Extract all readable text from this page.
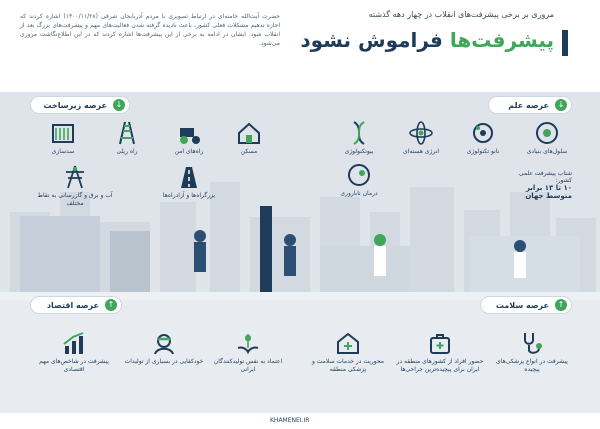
مروری بر برخی پیشرفت‌های انقلاب در چهار دهه گذشته
پیشرفت‌ها فراموش نشود
حضرت آیت‌الله خامنه‌ای در ارتباط تصویری با مردم آذربایجان شرقی (۱۴۰۰/۱۱/۲۸) اشاره کردند که اجازه ندهیم مشکلات فعلی کشور، باعث نادیده گرفته شدن فعالیت‌های مهم و پیشرفت‌های بزرگ بعد از انقلاب شود. ایشان در ادامه به برخی از این پیشرفت‌ها اشاره کردند که در این اطلاع‌نگاشت مروری می‌شود.
↓
عرصه علم
سلول‌های بنیادی
نانو تکنولوژی
انرژی هسته‌ای
بیوتکنولوژی
درمان ناباروری
شتاب پیشرفت علمی کشور:
۱۰ تا ۱۳ برابر متوسط جهان
↓
عرصه زیرساخت
مسکن
راه‌های امن
راه ریلی
سدسازی
بزرگراه‌ها و آزادراه‌ها
آب و برق و گازرسانی به نقاط مختلف
↑
عرصه اقتصاد
پیشرفت در شاخص‌های مهم اقتصادی
خودکفایی در بسیاری از تولیدات	اعتماد به نفس تولیدکنندگان ایرانی
↑
عرصه سلامت
پیشرفت در انواع پزشکی‌های پیچیده
حضور افراد از کشورهای منطقه در ایران برای پیچیده‌ترین جراحی‌ها
محوریت در خدمات سلامت و پزشکی منطقه
KHAMENEI.IR
